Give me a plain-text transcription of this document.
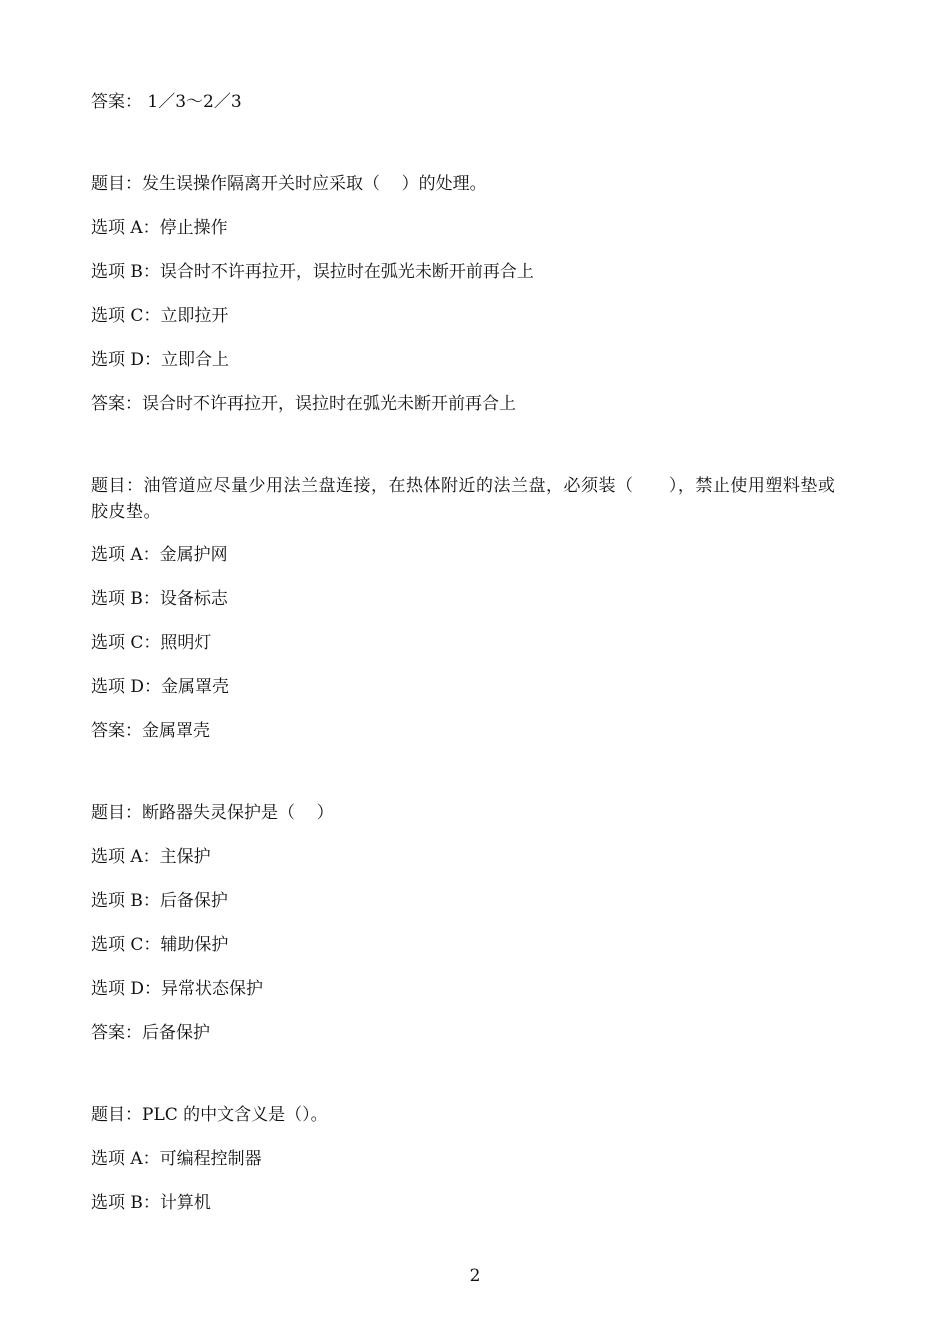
答案： 1／3～2／3
题目：发生误操作隔离开关时应采取（    ）的处理。
选项 A：停止操作
选项 B：误合时不许再拉开，误拉时在弧光未断开前再合上
选项 C：立即拉开
选项 D：立即合上
答案：误合时不许再拉开，误拉时在弧光未断开前再合上
题目：油管道应尽量少用法兰盘连接，在热体附近的法兰盘，必须装（      ），禁止使用塑料垫或胶皮垫。
选项 A：金属护网
选项 B：设备标志
选项 C：照明灯
选项 D：金属罩壳
答案：金属罩壳
题目：断路器失灵保护是（    ）
选项 A：主保护
选项 B：后备保护
选项 C：辅助保护
选项 D：异常状态保护
答案：后备保护
题目：PLC 的中文含义是（）。
选项 A：可编程控制器
选项 B：计算机
2
